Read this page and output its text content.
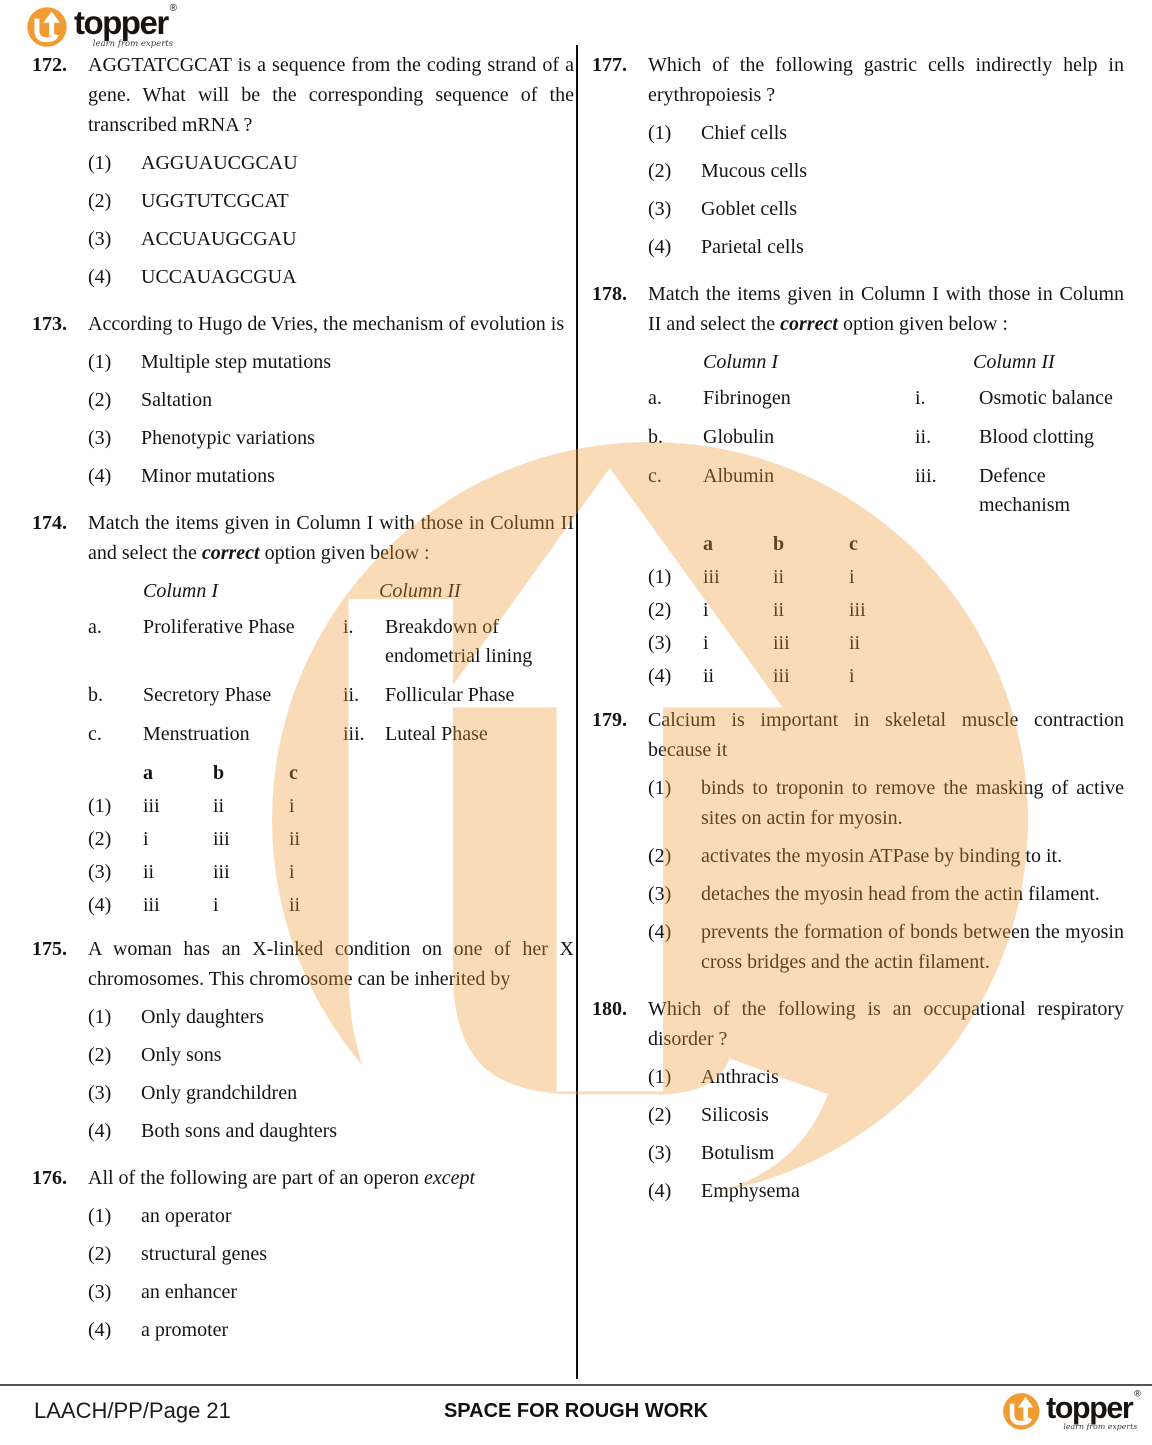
topper ®
learn from experts
172.	AGGTATCGCAT is a sequence from the coding strand of a gene. What will be the corresponding sequence of the transcribed mRNA ?
(1)	AGGUAUCGCAU
(2)	UGGTUTCGCAT
(3)	ACCUAUGCGAU
(4)	UCCAUAGCGUA
173.	According to Hugo de Vries, the mechanism of evolution is
(1)	Multiple step mutations
(2)	Saltation
(3)	Phenotypic variations
(4)	Minor mutations
174.	Match the items given in Column I with those in Column II and select the correct option given below :
Column I	Column II
a.	Proliferative Phase	i.	Breakdown of endometrial lining
b.	Secretory Phase	ii.	Follicular Phase
c.	Menstruation	iii.	Luteal Phase
a	b	c
(1)	iii	ii	i
(2)	i	iii	ii
(3)	ii	iii	i
(4)	iii	i	ii
175.	A woman has an X-linked condition on one of her X chromosomes. This chromosome can be inherited by
(1)	Only daughters
(2)	Only sons
(3)	Only grandchildren
(4)	Both sons and daughters
176.	All of the following are part of an operon except
(1)	an operator
(2)	structural genes
(3)	an enhancer
(4)	a promoter
177.	Which of the following gastric cells indirectly help in erythropoiesis ?
(1)	Chief cells
(2)	Mucous cells
(3)	Goblet cells
(4)	Parietal cells
178.	Match the items given in Column I with those in Column II and select the correct option given below :
Column I	Column II
a.	Fibrinogen	i.	Osmotic balance
b.	Globulin	ii.	Blood clotting
c.	Albumin	iii.	Defence mechanism
a	b	c
(1)	iii	ii	i
(2)	i	ii	iii
(3)	i	iii	ii
(4)	ii	iii	i
179.	Calcium is important in skeletal muscle contraction because it
(1)	binds to troponin to remove the masking of active sites on actin for myosin.
(2)	activates the myosin ATPase by binding to it.
(3)	detaches the myosin head from the actin filament.
(4)	prevents the formation of bonds between the myosin cross bridges and the actin filament.
180.	Which of the following is an occupational respiratory disorder ?
(1)	Anthracis
(2)	Silicosis
(3)	Botulism
(4)	Emphysema
LAACH/PP/Page 21	SPACE FOR ROUGH WORK	topper ®
learn from experts
